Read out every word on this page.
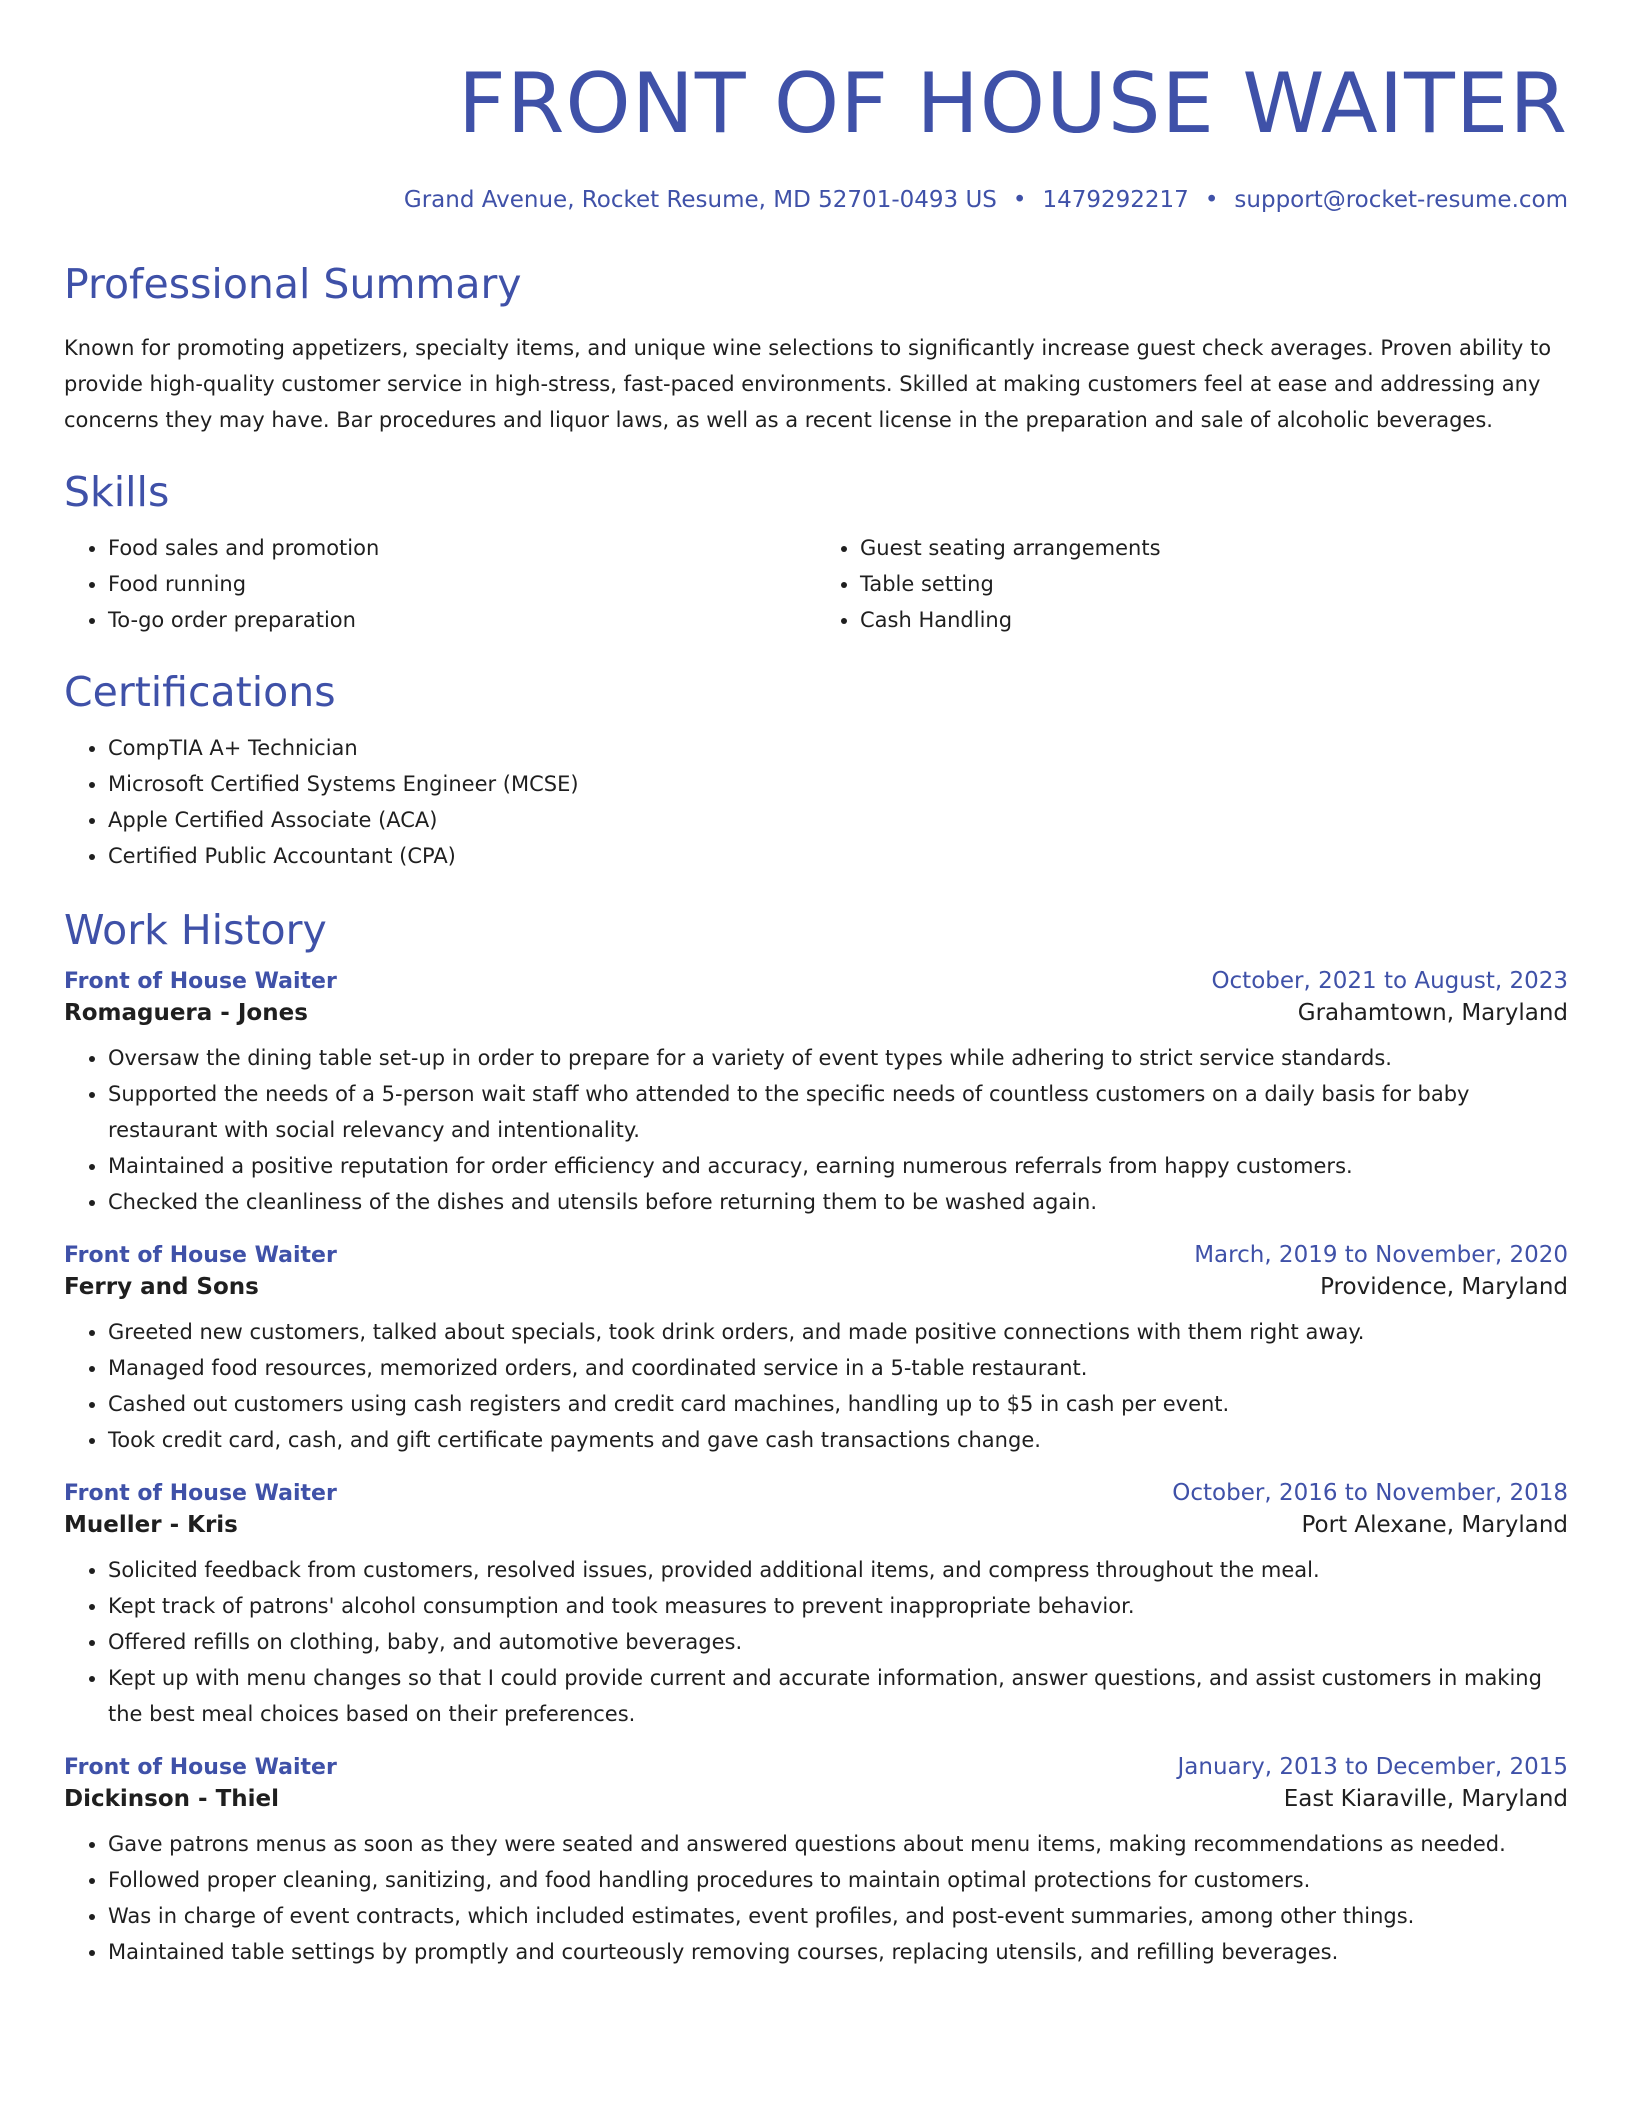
FRONT OF HOUSE WAITER
Grand Avenue, Rocket Resume, MD 52701-0493 US • 1479292217 • support@rocket-resume.com
Professional Summary

Known for promoting appetizers, specialty items, and unique wine selections to significantly increase guest check averages. Proven ability to provide high-quality customer service in high-stress, fast-paced environments. Skilled at making customers feel at ease and addressing any concerns they may have. Bar procedures and liquor laws, as well as a recent license in the preparation and sale of alcoholic beverages.

Skills
• Food sales and promotion
• Food running
• To-go order preparation
• Guest seating arrangements
• Table setting
• Cash Handling
Certifications
• CompTIA A+ Technician
• Microsoft Certified Systems Engineer (MCSE)
• Apple Certified Associate (ACA)
• Certified Public Accountant (CPA)
Work History
Front of House Waiter	October, 2021 to August, 2023
Romaguera - Jones	Grahamtown, Maryland
• Oversaw the dining table set-up in order to prepare for a variety of event types while adhering to strict service standards.
• Supported the needs of a 5-person wait staff who attended to the specific needs of countless customers on a daily basis for baby restaurant with social relevancy and intentionality.
• Maintained a positive reputation for order efficiency and accuracy, earning numerous referrals from happy customers.
• Checked the cleanliness of the dishes and utensils before returning them to be washed again.
Front of House Waiter	March, 2019 to November, 2020
Ferry and Sons	Providence, Maryland
• Greeted new customers, talked about specials, took drink orders, and made positive connections with them right away.
• Managed food resources, memorized orders, and coordinated service in a 5-table restaurant.
• Cashed out customers using cash registers and credit card machines, handling up to $5 in cash per event.
• Took credit card, cash, and gift certificate payments and gave cash transactions change.
Front of House Waiter	October, 2016 to November, 2018
Mueller - Kris	Port Alexane, Maryland
• Solicited feedback from customers, resolved issues, provided additional items, and compress throughout the meal.
• Kept track of patrons' alcohol consumption and took measures to prevent inappropriate behavior.
• Offered refills on clothing, baby, and automotive beverages.
• Kept up with menu changes so that I could provide current and accurate information, answer questions, and assist customers in making the best meal choices based on their preferences.
Front of House Waiter	January, 2013 to December, 2015
Dickinson - Thiel	East Kiaraville, Maryland
• Gave patrons menus as soon as they were seated and answered questions about menu items, making recommendations as needed.
• Followed proper cleaning, sanitizing, and food handling procedures to maintain optimal protections for customers.
• Was in charge of event contracts, which included estimates, event profiles, and post-event summaries, among other things.
• Maintained table settings by promptly and courteously removing courses, replacing utensils, and refilling beverages.
